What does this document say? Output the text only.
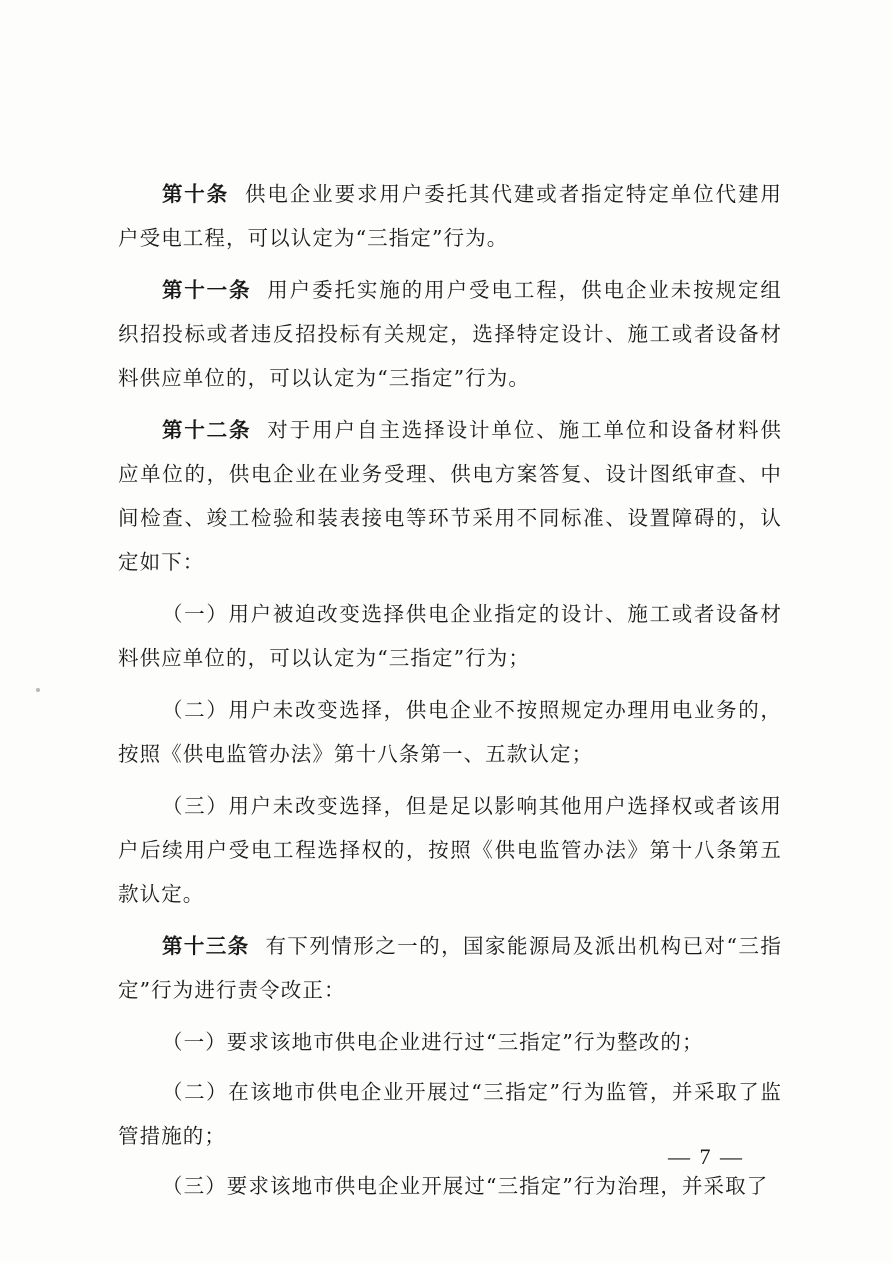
第十条 供电企业要求用户委托其代建或者指定特定单位代建用户受电工程，可以认定为“三指定”行为。

第十一条 用户委托实施的用户受电工程，供电企业未按规定组织招投标或者违反招投标有关规定，选择特定设计、施工或者设备材料供应单位的，可以认定为“三指定”行为。

第十二条 对于用户自主选择设计单位、施工单位和设备材料供应单位的，供电企业在业务受理、供电方案答复、设计图纸审查、中间检查、竣工检验和装表接电等环节采用不同标准、设置障碍的，认定如下：

（一）用户被迫改变选择供电企业指定的设计、施工或者设备材料供应单位的，可以认定为“三指定”行为；

（二）用户未改变选择，供电企业不按照规定办理用电业务的，按照《供电监管办法》第十八条第一、五款认定；

（三）用户未改变选择，但是足以影响其他用户选择权或者该用户后续用户受电工程选择权的，按照《供电监管办法》第十八条第五款认定。

第十三条 有下列情形之一的，国家能源局及派出机构已对“三指定”行为进行责令改正：

（一）要求该地市供电企业进行过“三指定”行为整改的；

（二）在该地市供电企业开展过“三指定”行为监管，并采取了监管措施的；

（三）要求该地市供电企业开展过“三指定”行为治理，并采取了

— 7 —
